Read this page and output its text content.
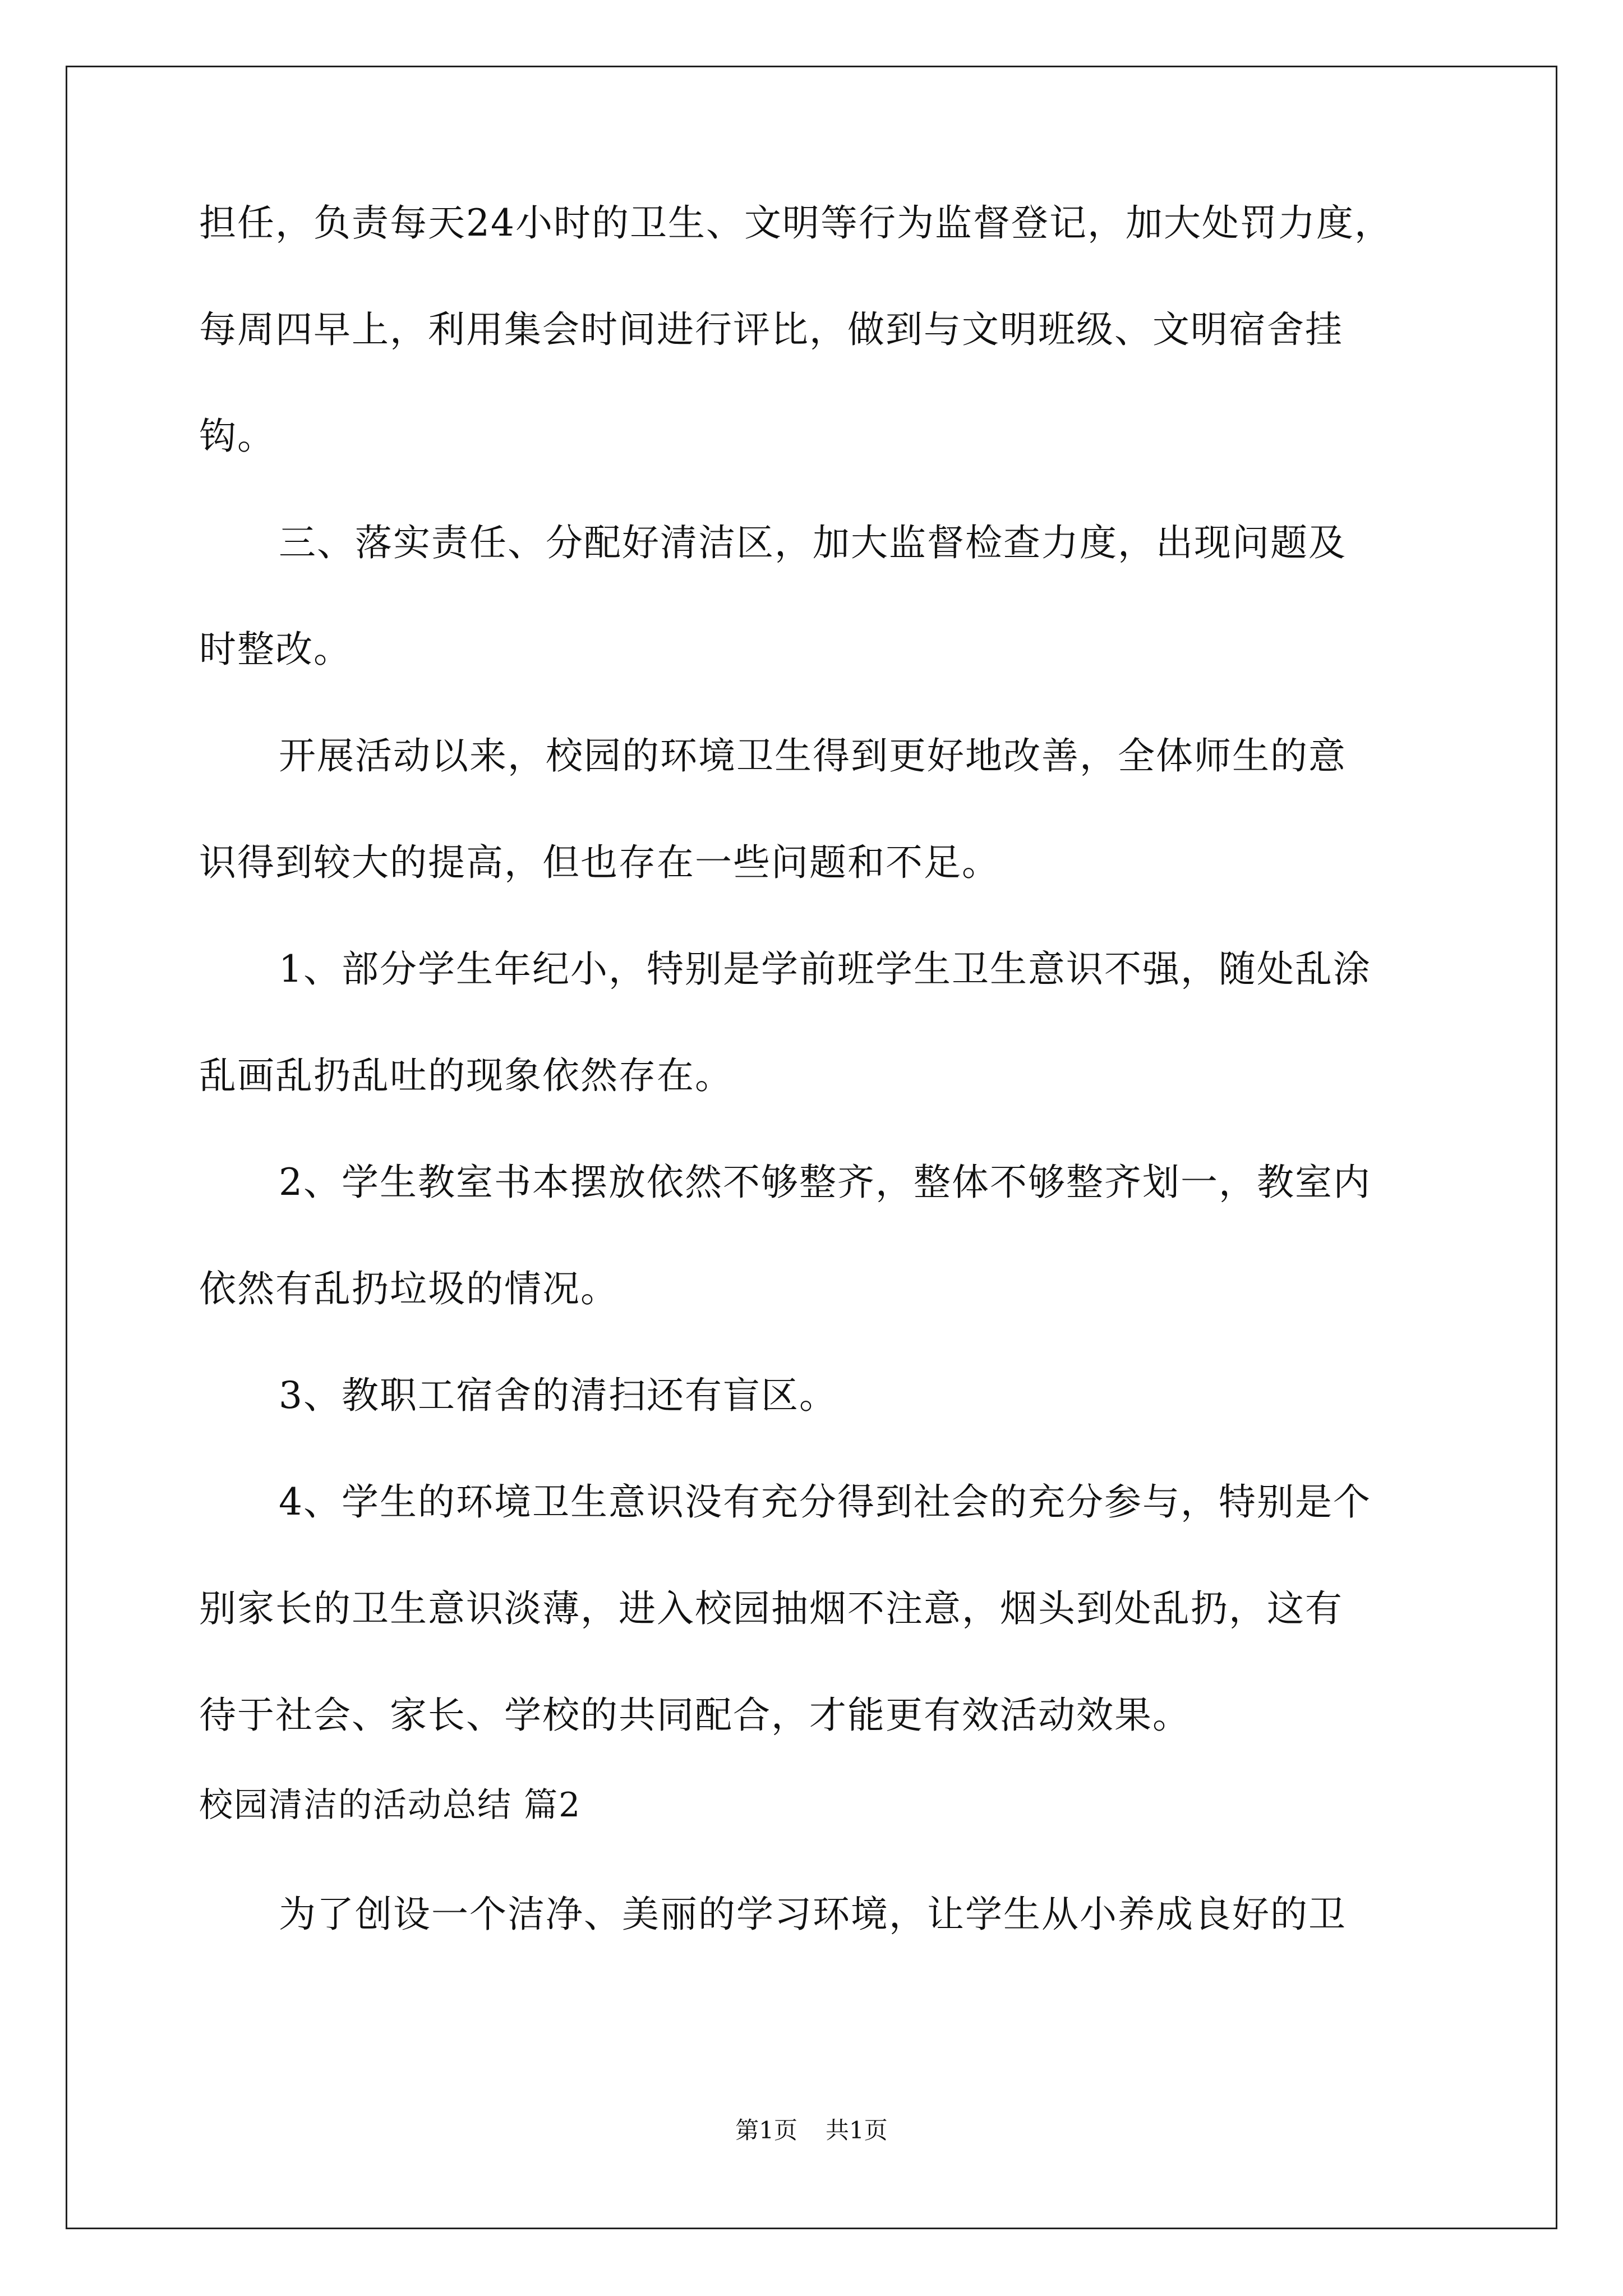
担任，负责每天24小时的卫生、文明等行为监督登记，加大处罚力度，

每周四早上，利用集会时间进行评比，做到与文明班级、文明宿舍挂

钩。

三、落实责任、分配好清洁区，加大监督检查力度，出现问题及

时整改。

开展活动以来，校园的环境卫生得到更好地改善，全体师生的意

识得到较大的提高，但也存在一些问题和不足。

1、部分学生年纪小，特别是学前班学生卫生意识不强，随处乱涂

乱画乱扔乱吐的现象依然存在。

2、学生教室书本摆放依然不够整齐，整体不够整齐划一，教室内

依然有乱扔垃圾的情况。

3、教职工宿舍的清扫还有盲区。

4、学生的环境卫生意识没有充分得到社会的充分参与，特别是个

别家长的卫生意识淡薄，进入校园抽烟不注意，烟头到处乱扔，这有

待于社会、家长、学校的共同配合，才能更有效活动效果。

校园清洁的活动总结 篇2

为了创设一个洁净、美丽的学习环境，让学生从小养成良好的卫

第1页 共1页
